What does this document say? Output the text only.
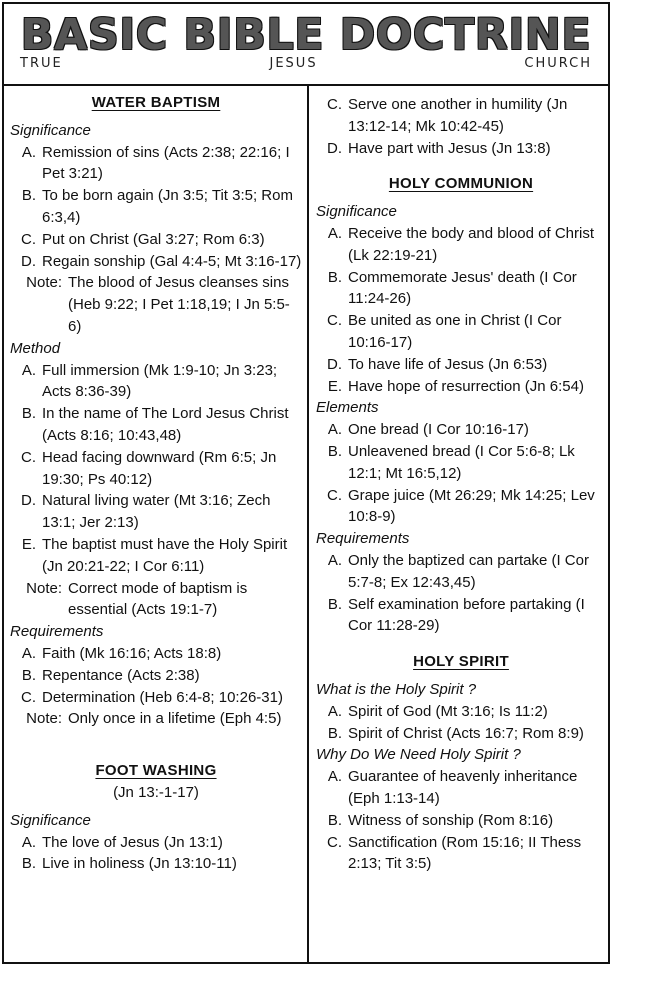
BASIC BIBLE DOCTRINE
TRUE	JESUS	CHURCH
WATER BAPTISM
Significance
A. Remission of sins (Acts 2:38; 22:16; I Pet 3:21)
B. To be born again (Jn 3:5; Tit 3:5; Rom 6:3,4)
C. Put on Christ (Gal 3:27; Rom 6:3)
D. Regain sonship (Gal 4:4-5; Mt 3:16-17)
Note: The blood of Jesus cleanses sins (Heb 9:22; I Pet 1:18,19; I Jn 5:5-6)
Method
A. Full immersion (Mk 1:9-10; Jn 3:23; Acts 8:36-39)
B. In the name of The Lord Jesus Christ (Acts 8:16; 10:43,48)
C. Head facing downward (Rm 6:5; Jn 19:30; Ps 40:12)
D. Natural living water (Mt 3:16; Zech 13:1; Jer 2:13)
E. The baptist must have the Holy Spirit (Jn 20:21-22; I Cor 6:11)
Note: Correct mode of baptism is essential (Acts 19:1-7)
Requirements
A. Faith (Mk 16:16; Acts 18:8)
B. Repentance (Acts 2:38)
C. Determination (Heb 6:4-8; 10:26-31)
Note: Only once in a lifetime (Eph 4:5)
FOOT WASHING
(Jn 13:-1-17)
Significance
A. The love of Jesus (Jn 13:1)
B. Live in holiness (Jn 13:10-11)
C. Serve one another in humility (Jn 13:12-14; Mk 10:42-45)
D. Have part with Jesus (Jn 13:8)
HOLY COMMUNION
Significance
A. Receive the body and blood of Christ (Lk 22:19-21)
B. Commemorate Jesus' death (I Cor 11:24-26)
C. Be united as one in Christ (I Cor 10:16-17)
D. To have life of Jesus (Jn 6:53)
E. Have hope of resurrection (Jn 6:54)
Elements
A. One bread (I Cor 10:16-17)
B. Unleavened bread (I Cor 5:6-8; Lk 12:1; Mt 16:5,12)
C. Grape juice (Mt 26:29; Mk 14:25; Lev 10:8-9)
Requirements
A. Only the baptized can partake (I Cor 5:7-8; Ex 12:43,45)
B. Self examination before partaking (I Cor 11:28-29)
HOLY SPIRIT
What is the Holy Spirit ?
A. Spirit of God (Mt 3:16; Is 11:2)
B. Spirit of Christ (Acts 16:7; Rom 8:9)
Why Do We Need Holy Spirit ?
A. Guarantee of heavenly inheritance (Eph 1:13-14)
B. Witness of sonship (Rom 8:16)
C. Sanctification (Rom 15:16; II Thess 2:13; Tit 3:5)
